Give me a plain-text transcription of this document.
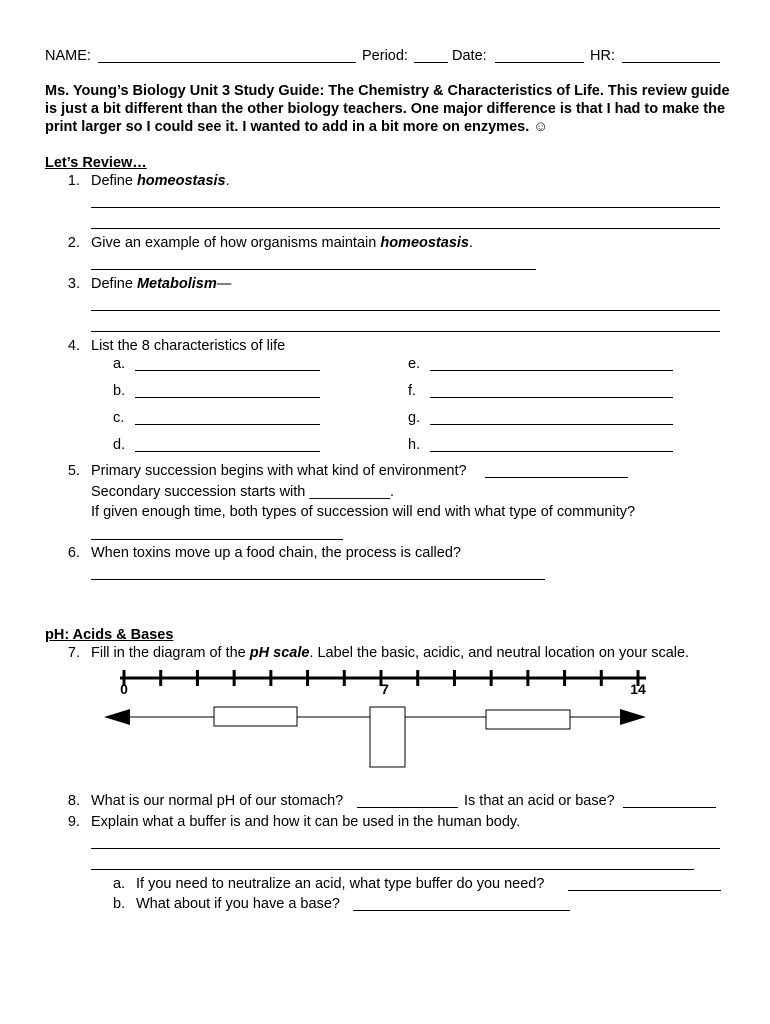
NAME:	Period:	Date:	HR:
Ms. Young’s Biology Unit 3 Study Guide: The Chemistry & Characteristics of Life. This review guide is just a bit different than the other biology teachers. One major difference is that I had to make the print larger so I could see it. I wanted to add in a bit more on enzymes. ☺
Let’s Review…
1. Define homeostasis.
2. Give an example of how organisms maintain homeostasis.
3. Define Metabolism—
4. List the 8 characteristics of life
a.
b.
c.
d.
e.
f.
g.
h.
5. Primary succession begins with what kind of environment?
Secondary succession starts with __________.
If given enough time, both types of succession will end with what type of community?
6. When toxins move up a food chain, the process is called?
pH: Acids & Bases
7. Fill in the diagram of the pH scale. Label the basic, acidic, and neutral location on your scale.
0	7	14
8. What is our normal pH of our stomach?	Is that an acid or base?
9. Explain what a buffer is and how it can be used in the human body.
a. If you need to neutralize an acid, what type buffer do you need?
b. What about if you have a base?
